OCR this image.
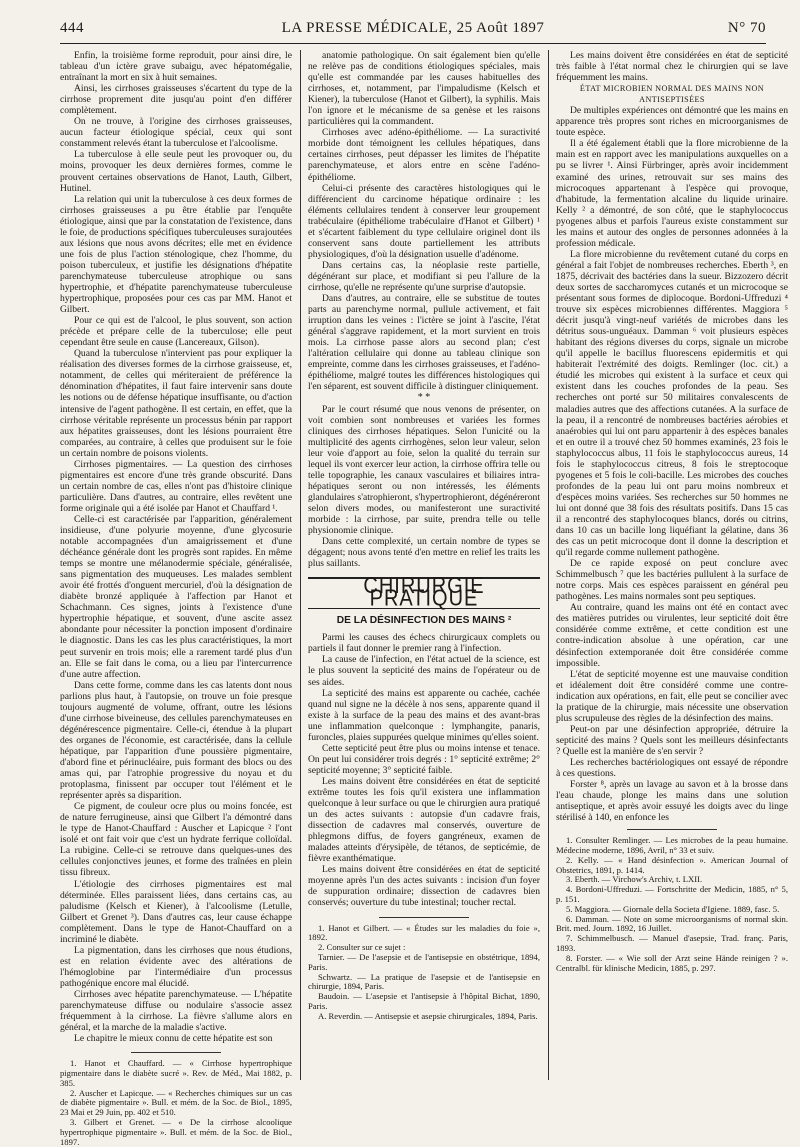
444	LA PRESSE MÉDICALE, 25 Août 1897	N° 70

Enfin, la troisième forme reproduit, pour ainsi dire, le tableau d'un ictère grave subaigu, avec hépatomégalie, entraînant la mort en six à huit semaines.

Ainsi, les cirrhoses graisseuses s'écartent du type de la cirrhose proprement dite jusqu'au point d'en différer complètement.

On ne trouve, à l'origine des cirrhoses graisseuses, aucun facteur étiologique spécial, ceux qui sont constamment relevés étant la tuberculose et l'alcoolisme.

La tuberculose à elle seule peut les provoquer ou, du moins, provoquer les deux dernières formes, comme le prouvent certaines observations de Hanot, Lauth, Gilbert, Hutinel.

La relation qui unit la tuberculose à ces deux formes de cirrhoses graisseuses a pu être établie par l'enquête étiologique, ainsi que par la constatation de l'existence, dans le foie, de productions spécifiques tuberculeuses surajoutées aux lésions que nous avons décrites; elle met en évidence une fois de plus l'action sténologique, chez l'homme, du poison tuberculeux, et justifie les désignations d'hépatite parenchymateuse tuberculeuse atrophique ou sans hypertrophie, et d'hépatite parenchymateuse tuberculeuse hypertrophique, proposées pour ces cas par MM. Hanot et Gilbert.

Pour ce qui est de l'alcool, le plus souvent, son action précède et prépare celle de la tuberculose; elle peut cependant être seule en cause (Lancereaux, Gilson).

Quand la tuberculose n'intervient pas pour expliquer la réalisation des diverses formes de la cirrhose graisseuse, et, notamment, de celles qui mériteraient de préférence la dénomination d'hépatites, il faut faire intervenir sans doute les notions ou de défense hépatique insuffisante, ou d'action intensive de l'agent pathogène. Il est certain, en effet, que la cirrhose véritable représente un processus bénin par rapport aux hépatites graisseuses, dont les lésions pourraient être comparées, au contraire, à celles que produisent sur le foie un certain nombre de poisons violents.

Cirrhoses pigmentaires. — La question des cirrhoses pigmentaires est encore d'une très grande obscurité. Dans un certain nombre de cas, elles n'ont pas d'histoire clinique particulière. Dans d'autres, au contraire, elles revêtent une forme originale qui a été isolée par Hanot et Chauffard ¹.

Celle-ci est caractérisée par l'apparition, généralement insidieuse, d'une polyurie moyenne, d'une glycosurie notable accompagnées d'un amaigrissement et d'une déchéance générale dont les progrès sont rapides. En même temps se montre une mélanodermie spéciale, généralisée, sans pigmentation des muqueuses. Les malades semblent avoir été frottés d'onguent mercuriel, d'où la désignation de diabète bronzé appliquée à l'affection par Hanot et Schachmann. Ces signes, joints à l'existence d'une hypertrophie hépatique, et souvent, d'une ascite assez abondante pour nécessiter la ponction imposent d'ordinaire le diagnostic. Dans les cas les plus caractéristiques, la mort peut survenir en trois mois; elle a rarement tardé plus d'un an. Elle se fait dans le coma, ou a lieu par l'intercurrence d'une autre affection.

Dans cette forme, comme dans les cas latents dont nous parlions plus haut, à l'autopsie, on trouve un foie presque toujours augmenté de volume, offrant, outre les lésions d'une cirrhose biveineuse, des cellules parenchymateuses en dégénérescence pigmentaire. Celle-ci, étendue à la plupart des organes de l'économie, est caractérisée, dans la cellule hépatique, par l'apparition d'une poussière pigmentaire, d'abord fine et périnucléaire, puis formant des blocs ou des amas qui, par l'atrophie progressive du noyau et du protoplasma, finissent par occuper tout l'élément et le représenter après sa disparition.

Ce pigment, de couleur ocre plus ou moins foncée, est de nature ferrugineuse, ainsi que Gilbert l'a démontré dans le type de Hanot-Chauffard : Auscher et Lapicque ² l'ont isolé et ont fait voir que c'est un hydrate ferrique colloïdal. La rubigine. Celle-ci se retrouve dans quelques-unes des cellules conjonctives jeunes, et forme des traînées en plein tissu fibreux.

L'étiologie des cirrhoses pigmentaires est mal déterminée. Elles paraissent liées, dans certains cas, au paludisme (Kelsch et Kiener), à l'alcoolisme (Letulle, Gilbert et Grenet ³). Dans d'autres cas, leur cause échappe complètement. Dans le type de Hanot-Chauffard on a incriminé le diabète.

La pigmentation, dans les cirrhoses que nous étudions, est en relation évidente avec des altérations de l'hémoglobine par l'intermédiaire d'un processus pathogénique encore mal élucidé.

Cirrhoses avec hépatite parenchymateuse. — L'hépatite parenchymateuse diffuse ou nodulaire s'associe assez fréquemment à la cirrhose. La fièvre s'allume alors en général, et la marche de la maladie s'active.

Le chapitre le mieux connu de cette hépatite est son

1. Hanot et Chauffard. — « Cirrhose hypertrophique pigmentaire dans le diabète sucré ». Rev. de Méd., Mai 1882, p. 385.
2. Auscher et Lapicque. — « Recherches chimiques sur un cas de diabète pigmentaire ». Bull. et mém. de la Soc. de Biol., 1895, 23 Mai et 29 Juin, pp. 402 et 510.
3. Gilbert et Grenet. — « De la cirrhose alcoolique hypertrophique pigmentaire ». Bull. et mém. de la Soc. de Biol., 1897.

anatomie pathologique. On sait également bien qu'elle ne relève pas de conditions étiologiques spéciales, mais qu'elle est commandée par les causes habituelles des cirrhoses, et, notamment, par l'impaludisme (Kelsch et Kiener), la tuberculose (Hanot et Gilbert), la syphilis. Mais l'on ignore et le mécanisme de sa genèse et les raisons particulières qui la commandent.

Cirrhoses avec adéno-épithéliome. — La suractivité morbide dont témoignent les cellules hépatiques, dans certaines cirrhoses, peut dépasser les limites de l'hépatite parenchymateuse, et alors entre en scène l'adéno-épithéliome.

Celui-ci présente des caractères histologiques qui le différencient du carcinome hépatique ordinaire : les éléments cellulaires tendent à conserver leur groupement trabéculaire (épithéliome trabéculaire d'Hanot et Gilbert) ¹ et s'écartent faiblement du type cellulaire originel dont ils conservent sans doute partiellement les attributs physiologiques, d'où la désignation usuelle d'adénome.

Dans certains cas, la néoplasie reste partielle, dégénérant sur place, et modifiant si peu l'allure de la cirrhose, qu'elle ne représente qu'une surprise d'autopsie.

Dans d'autres, au contraire, elle se substitue de toutes parts au parenchyme normal, pullule activement, et fait irruption dans les veines : l'ictère se joint à l'ascite, l'état général s'aggrave rapidement, et la mort survient en trois mois. La cirrhose passe alors au second plan; c'est l'altération cellulaire qui donne au tableau clinique son empreinte, comme dans les cirrhoses graisseuses, et l'adéno-épithéliome, malgré toutes les différences histologiques qui l'en séparent, est souvent difficile à distinguer cliniquement.

* *

Par le court résumé que nous venons de présenter, on voit combien sont nombreuses et variées les formes cliniques des cirrhoses hépatiques. Selon l'unicité ou la multiplicité des agents cirrhogènes, selon leur valeur, selon leur voie d'apport au foie, selon la qualité du terrain sur lequel ils vont exercer leur action, la cirrhose offrira telle ou telle topographie, les canaux vasculaires et biliaires intra-hépatiques seront ou non intéressés, les éléments glandulaires s'atrophieront, s'hypertrophieront, dégénéreront selon divers modes, ou manifesteront une suractivité morbide : la cirrhose, par suite, prendra telle ou telle physionomie clinique.

Dans cette complexité, un certain nombre de types se dégagent; nous avons tenté d'en mettre en relief les traits les plus saillants.

CHIRURGIE PRATIQUE
DE LA DÉSINFECTION DES MAINS ²

Parmi les causes des échecs chirurgicaux complets ou partiels il faut donner le premier rang à l'infection.

La cause de l'infection, en l'état actuel de la science, est le plus souvent la septicité des mains de l'opérateur ou de ses aides.

La septicité des mains est apparente ou cachée, cachée quand nul signe ne la décèle à nos sens, apparente quand il existe à la surface de la peau des mains et des avant-bras une inflammation quelconque : lymphangite, panaris, furoncles, plaies suppurées quelque minimes qu'elles soient.

Cette septicité peut être plus ou moins intense et tenace. On peut lui considérer trois degrés : 1° septicité extrême; 2° septicité moyenne; 3° septicité faible.

Les mains doivent être considérées en état de septicité extrême toutes les fois qu'il existera une inflammation quelconque à leur surface ou que le chirurgien aura pratiqué un des actes suivants : autopsie d'un cadavre frais, dissection de cadavres mal conservés, ouverture de phlegmons diffus, de foyers gangréneux, examen de malades atteints d'érysipèle, de tétanos, de septicémie, de fièvre exanthématique.

Les mains doivent être considérées en état de septicité moyenne après l'un des actes suivants : incision d'un foyer de suppuration ordinaire; dissection de cadavres bien conservés; ouverture du tube intestinal; toucher rectal.

1. Hanot et Gilbert. — « Études sur les maladies du foie », 1892.
2. Consulter sur ce sujet :
Tarnier. — De l'asepsie et de l'antisepsie en obstétrique, 1894, Paris.
Schwartz. — La pratique de l'asepsie et de l'antisepsie en chirurgie, 1894, Paris.
Baudoin. — L'asepsie et l'antisepsie à l'hôpital Bichat, 1890, Paris.
A. Reverdin. — Antisepsie et asepsie chirurgicales, 1894, Paris.

Les mains doivent être considérées en état de septicité très faible à l'état normal chez le chirurgien qui se lave fréquemment les mains.

ÉTAT MICROBIEN NORMAL DES MAINS NON ANTISEPTISÉES

De multiples expériences ont démontré que les mains en apparence très propres sont riches en microorganismes de toute espèce.

Il a été également établi que la flore microbienne de la main est en rapport avec les manipulations auxquelles on a pu se livrer ¹. Ainsi Fürbringer, après avoir incidemment examiné des urines, retrouvait sur ses mains des microcoques appartenant à l'espèce qui provoque, d'habitude, la fermentation alcaline du liquide urinaire. Kelly ² a démontré, de son côté, que le staphylococcus pyogenes albus et parfois l'aureus existe constamment sur les mains et autour des ongles de personnes adonnées à la profession médicale.

La flore microbienne du revêtement cutané du corps en général a fait l'objet de nombreuses recherches. Eberth ³, en 1875, décrivait des bactéries dans la sueur. Bizzozero décrit deux sortes de saccharomyces cutanés et un microcoque se présentant sous formes de diplocoque. Bordoni-Uffreduzi ⁴ trouve six espèces microbiennes différentes. Maggiora ⁵ décrit jusqu'à vingt-neuf variétés de microbes dans les détritus sous-unguéaux. Damman ⁶ voit plusieurs espèces habitant des régions diverses du corps, signale un microbe qu'il appelle le bacillus fluorescens epidermitis et qui habiterait l'extrémité des doigts. Remlinger (loc. cit.) a étudié les microbes qui existent à la surface et ceux qui existent dans les couches profondes de la peau. Ses recherches ont porté sur 50 militaires convalescents de maladies autres que des affections cutanées. A la surface de la peau, il a rencontré de nombreuses bactéries aérobies et anaérobies qui lui ont paru appartenir à des espèces banales et en outre il a trouvé chez 50 hommes examinés, 23 fois le staphylococcus albus, 11 fois le staphylococcus aureus, 14 fois le staphylococcus citreus, 8 fois le streptocoque pyogenes et 5 fois le coli-bacille. Les microbes des couches profondes de la peau lui ont paru moins nombreux et d'espèces moins variées. Ses recherches sur 50 hommes ne lui ont donné que 38 fois des résultats positifs. Dans 15 cas il a rencontré des staphylocoques blancs, dorés ou citrins, dans 10 cas un bacille long liquéfiant la gélatine, dans 36 des cas un petit microcoque dont il donne la description et qu'il regarde comme nullement pathogène.

De ce rapide exposé on peut conclure avec Schimmelbusch ⁷ que les bactéries pullulent à la surface de notre corps. Mais ces espèces paraissent en général peu pathogènes. Les mains normales sont peu septiques.

Au contraire, quand les mains ont été en contact avec des matières putrides ou virulentes, leur septicité doit être considérée comme extrême, et cette condition est une contre-indication absolue à une opération, car une désinfection extemporanée doit être considérée comme impossible.

L'état de septicité moyenne est une mauvaise condition et idéalement doit être considéré comme une contre-indication aux opérations, en fait, elle peut se concilier avec la pratique de la chirurgie, mais nécessite une observation plus scrupuleuse des règles de la désinfection des mains.

Peut-on par une désinfection appropriée, détruire la septicité des mains ? Quels sont les meilleurs désinfectants ? Quelle est la manière de s'en servir ?

Les recherches bactériologiques ont essayé de répondre à ces questions.

Forster ⁸, après un lavage au savon et à la brosse dans l'eau chaude, plonge les mains dans une solution antiseptique, et après avoir essuyé les doigts avec du linge stérilisé à 140, en enfonce les

1. Consulter Remlinger. — Les microbes de la peau humaine. Médecine moderne, 1896, Avril, n° 33 et suiv.
2. Kelly. — « Hand désinfection ». American Journal of Obstetrics, 1891, p. 1414.
3. Eberth. — Virchow's Archiv, t. LXII.
4. Bordoni-Uffreduzi. — Fortschritte der Medicin, 1885, n° 5, p. 151.
5. Maggiora. — Giornale della Societa d'Igiene. 1889, fasc. 5.
6. Damman. — Note on some microorganisms of normal skin. Brit. med. Journ. 1892, 16 Juillet.
7. Schimmelbusch. — Manuel d'asepsie, Trad. franç. Paris, 1893.
8. Forster. — « Wie soll der Arzt seine Hände reinigen ? ». Centralbl. für klinische Medicin, 1885, p. 297.
